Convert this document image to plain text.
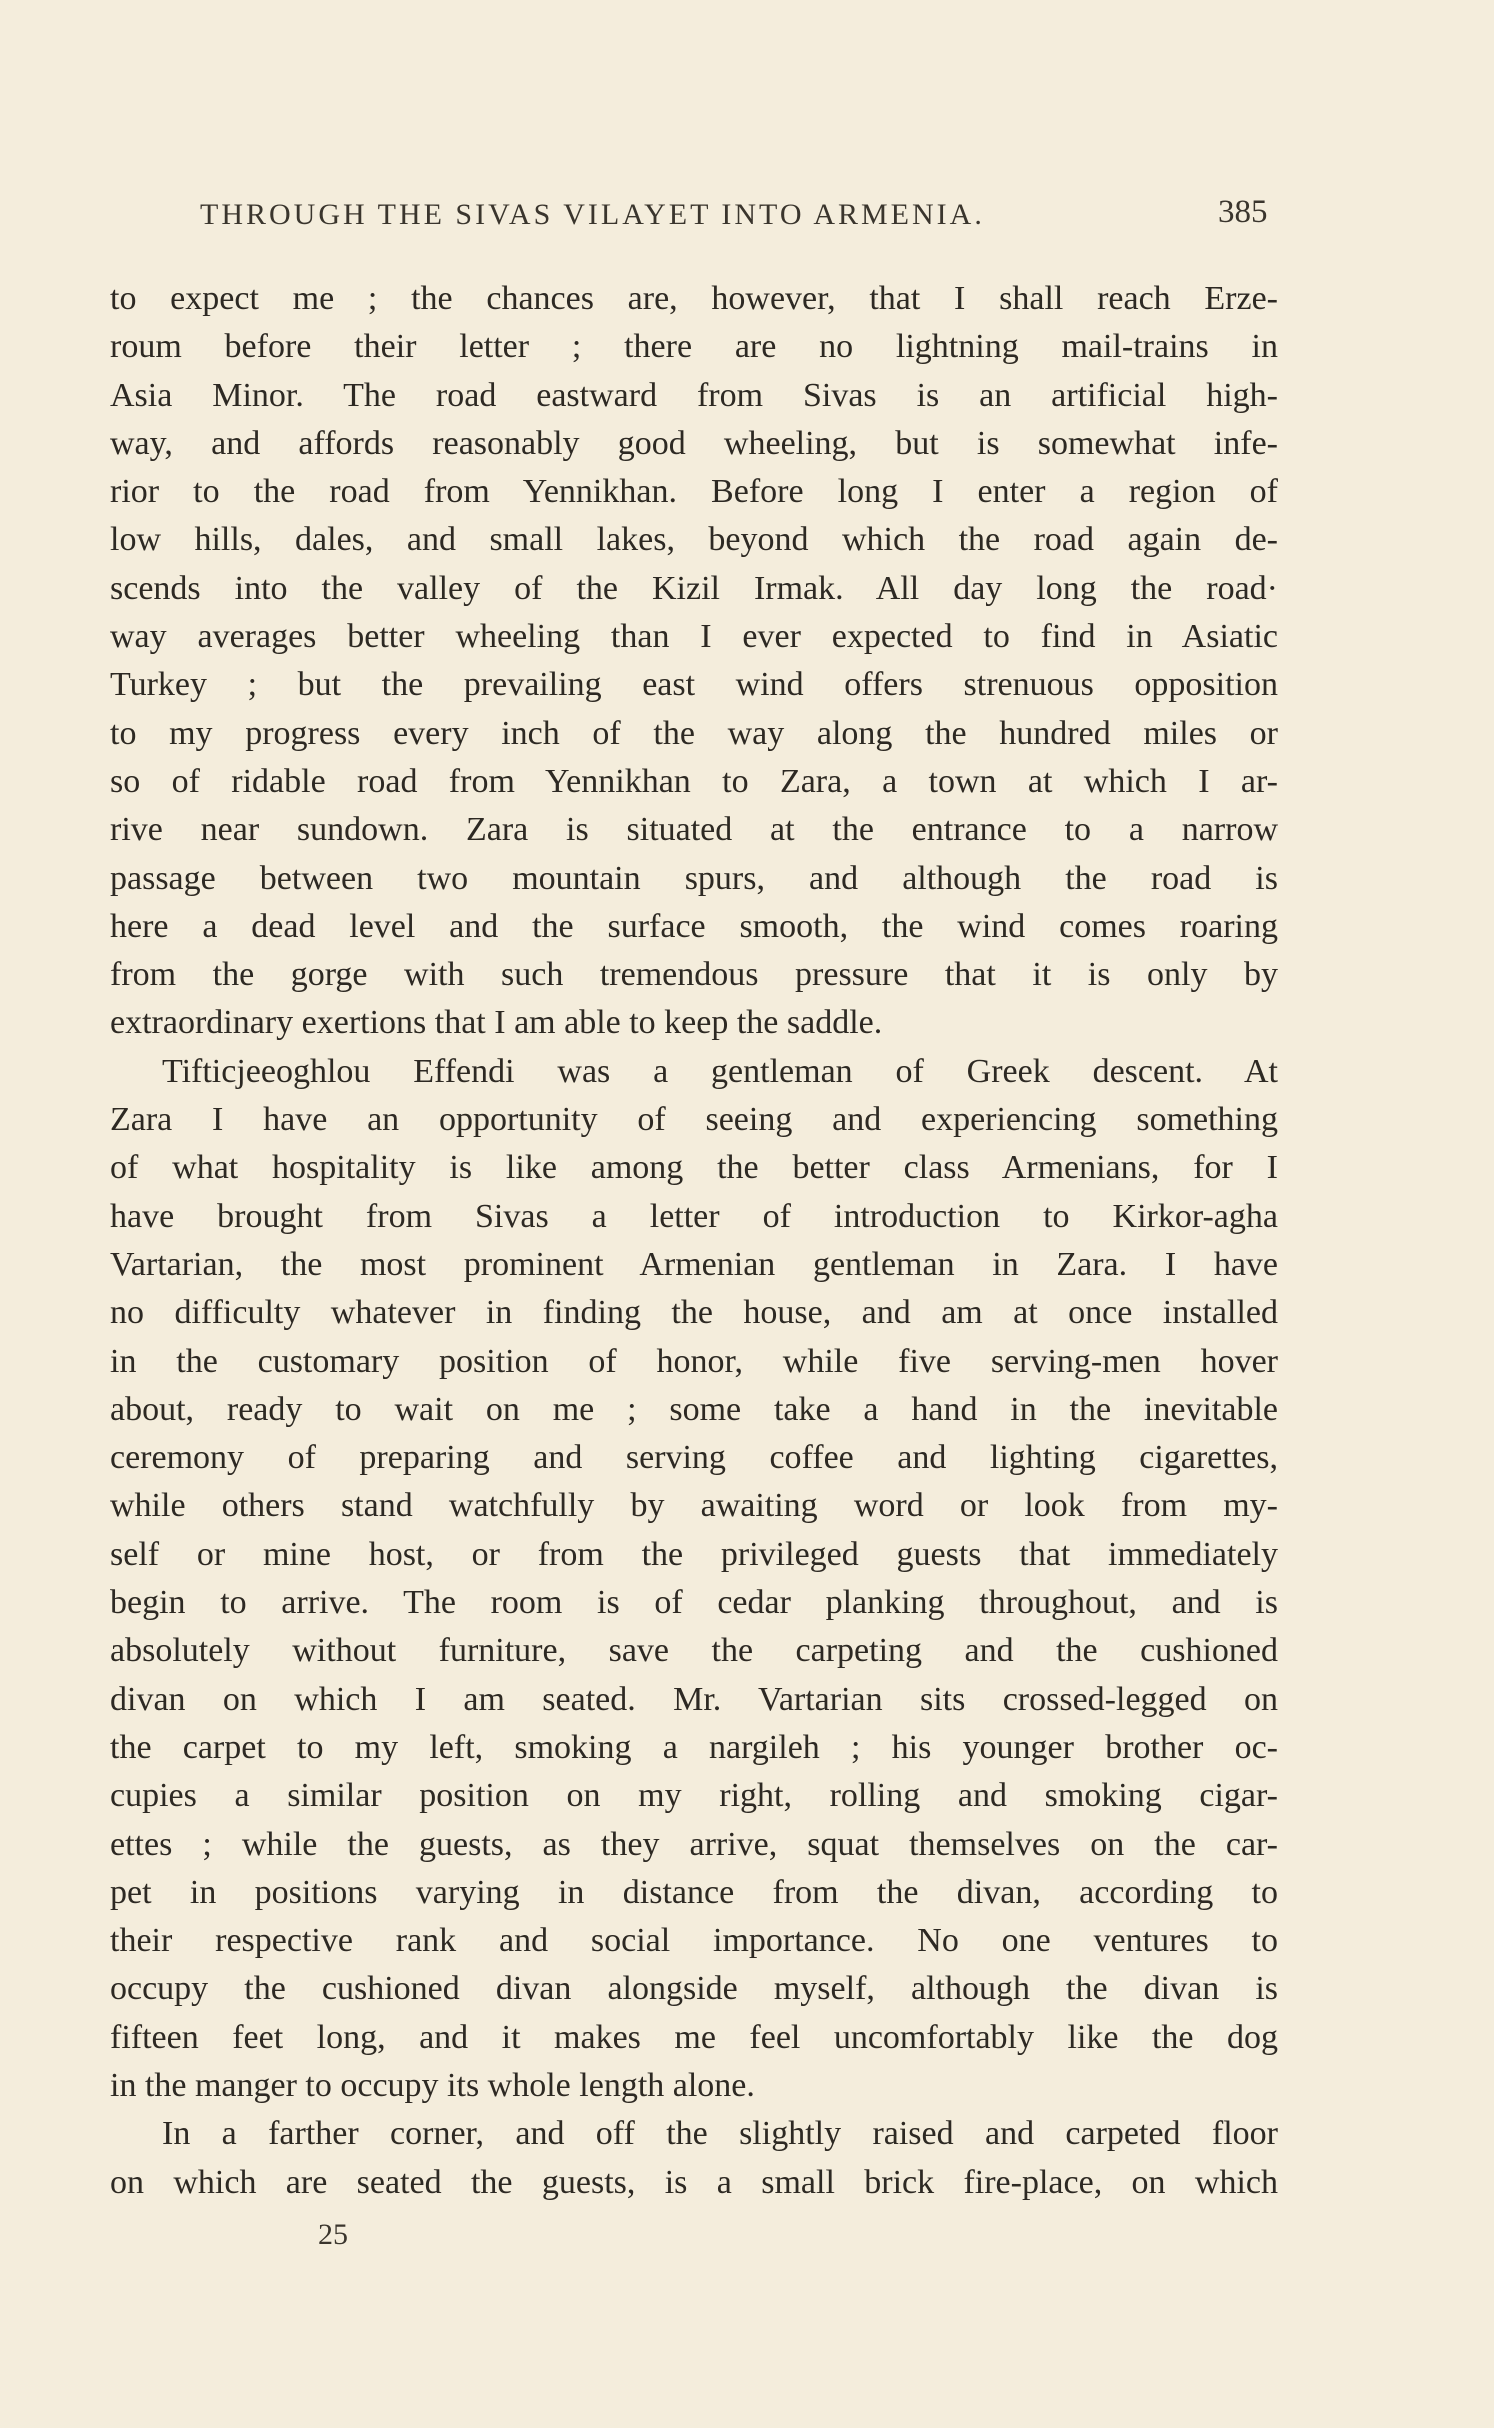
THROUGH THE SIVAS VILAYET INTO ARMENIA.	385
to expect me ; the chances are, however, that I shall reach Erze-
roum before their letter ; there are no lightning mail-trains in
Asia Minor. The road eastward from Sivas is an artificial high-
way, and affords reasonably good wheeling, but is somewhat infe-
rior to the road from Yennikhan. Before long I enter a region of
low hills, dales, and small lakes, beyond which the road again de-
scends into the valley of the Kizil Irmak. All day long the road·
way averages better wheeling than I ever expected to find in Asiatic
Turkey ; but the prevailing east wind offers strenuous opposition
to my progress every inch of the way along the hundred miles or
so of ridable road from Yennikhan to Zara, a town at which I ar-
rive near sundown. Zara is situated at the entrance to a narrow
passage between two mountain spurs, and although the road is
here a dead level and the surface smooth, the wind comes roaring
from the gorge with such tremendous pressure that it is only by
extraordinary exertions that I am able to keep the saddle.
Tifticjeeoghlou Effendi was a gentleman of Greek descent. At
Zara I have an opportunity of seeing and experiencing something
of what hospitality is like among the better class Armenians, for I
have brought from Sivas a letter of introduction to Kirkor-agha
Vartarian, the most prominent Armenian gentleman in Zara. I have
no difficulty whatever in finding the house, and am at once installed
in the customary position of honor, while five serving-men hover
about, ready to wait on me ; some take a hand in the inevitable
ceremony of preparing and serving coffee and lighting cigarettes,
while others stand watchfully by awaiting word or look from my-
self or mine host, or from the privileged guests that immediately
begin to arrive. The room is of cedar planking throughout, and is
absolutely without furniture, save the carpeting and the cushioned
divan on which I am seated. Mr. Vartarian sits crossed-legged on
the carpet to my left, smoking a nargileh ; his younger brother oc-
cupies a similar position on my right, rolling and smoking cigar-
ettes ; while the guests, as they arrive, squat themselves on the car-
pet in positions varying in distance from the divan, according to
their respective rank and social importance. No one ventures to
occupy the cushioned divan alongside myself, although the divan is
fifteen feet long, and it makes me feel uncomfortably like the dog
in the manger to occupy its whole length alone.
In a farther corner, and off the slightly raised and carpeted floor
on which are seated the guests, is a small brick fire-place, on which
25
